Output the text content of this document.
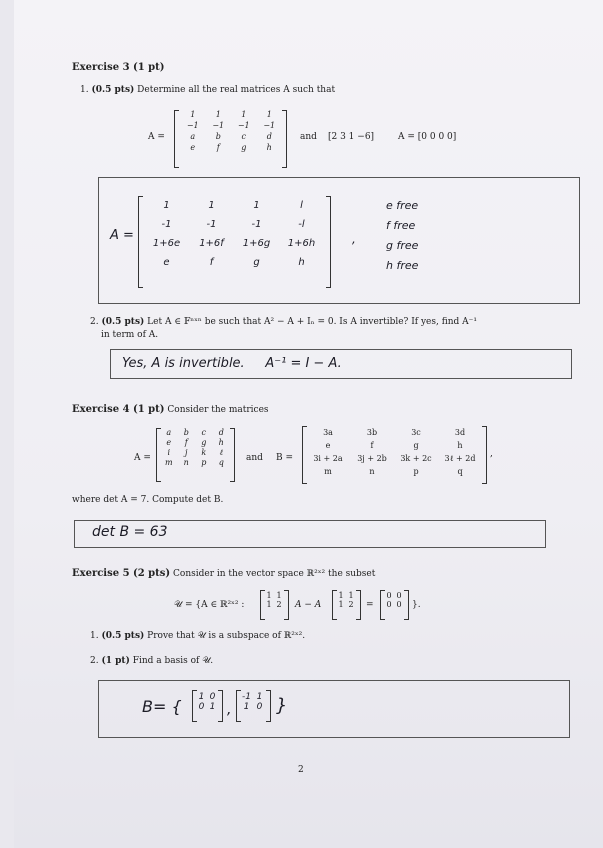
Exercise 3 (1 pt)
1. (0.5 pts) Determine all the real matrices A such that
A =
1	1	1	1
−1	−1	−1	−1
a	b	c	d
e	f	g	h
and [2 3 1 −6]	A = [0 0 0 0]
A =
1	1	1	l
-1	-1	-1	-l
1+6e	1+6f	1+6g	1+6h
e	f	g	h
,
e free
f free
g free
h free
2. (0.5 pts) Let A ∈ 𝔽ⁿˣⁿ be such that A² − A + Iₙ = 0. Is A invertible? If yes, find A⁻¹
in term of A.
Yes, A is invertible.     A⁻¹ = I − A.
Exercise 4 (1 pt) Consider the matrices
A =
a	b	c	d
e	f	g	h
i	j	k	ℓ
m	n	p	q	and B =
3a	3b	3c	3d
e	f	g	h
3i + 2a	3j + 2b	3k + 2c	3ℓ + 2d
m	n	p	q
,
where det A = 7. Compute det B.
det B = 63
Exercise 5 (2 pts) Consider in the vector space ℝ²ˣ² the subset
𝒰 = {A ∈ ℝ²ˣ² :
1 1
1 2 A − A
1 1
1 2 =
0 0
0 0 }.
1. (0.5 pts) Prove that 𝒰 is a subspace of ℝ²ˣ².
2. (1 pt) Find a basis of 𝒰.
B= { 1 0
0 1 ,
-1 1
1 0 }
2
